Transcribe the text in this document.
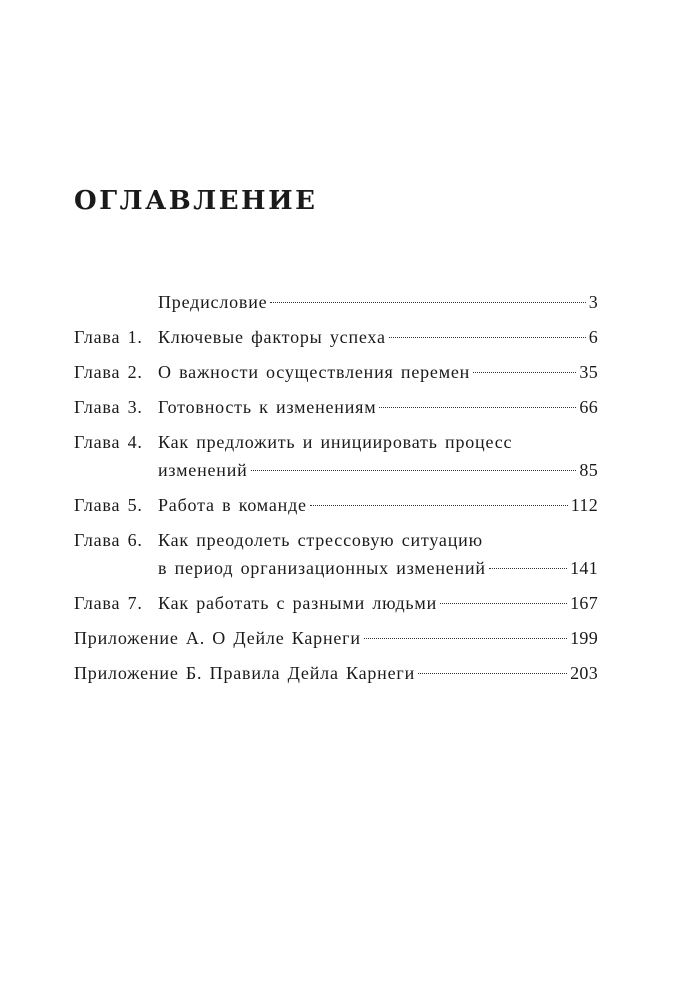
ОГЛАВЛЕНИЕ
Предисловие	3
Глава 1. Ключевые факторы успеха	6
Глава 2. О важности осуществления перемен	35
Глава 3. Готовность к изменениям	66
Глава 4. Как предложить и инициировать процесс
изменений	85
Глава 5. Работа в команде	112
Глава 6. Как преодолеть стрессовую ситуацию
в период организационных изменений	141
Глава 7. Как работать с разными людьми	167
Приложение А. О Дейле Карнеги	199
Приложение Б. Правила Дейла Карнеги	203
